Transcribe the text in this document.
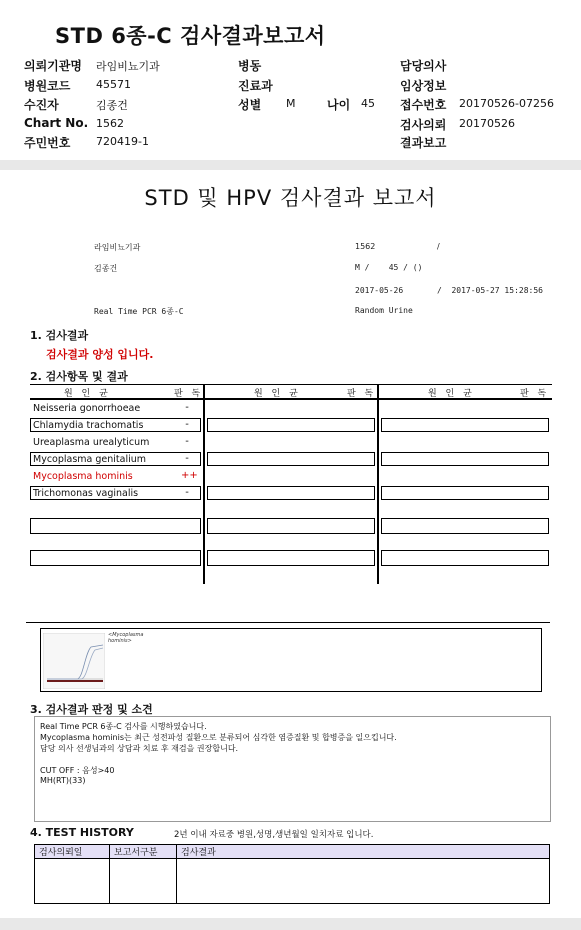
STD 6종-C 검사결과보고서
의뢰기관명 라임비뇨기과	병동	담당의사
병원코드 45571	진료과	임상정보
수진자	김종건	성별 M	나이 45 접수번호 20170526-07256
Chart No. 1562	검사의뢰 20170526
주민번호 720419-1	결과보고
STD 및 HPV 검사결과 보고서
라임비뇨기과	1562	/
김종건	M /    45 / ()
2017-05-26	/  2017-05-27 15:28:56
Real Time PCR 6종-C	Random Urine
1. 검사결과
검사결과 양성 입니다.
2. 검사항목 및 결과
원 인 균	판 독	원 인 균	판 독	원 인 균	판 독
Neisseria gonorrhoeae	-
Chlamydia trachomatis	-
Ureaplasma urealyticum	-
Mycoplasma genitalium	-
Mycoplasma hominis	++
Trichomonas vaginalis	-
<Mycoplasma hominis>
3. 검사결과 판정 및 소견
Real Time PCR 6종-C 검사를 시행하였습니다.
Mycoplasma hominis는 최근 성전파성 질환으로 분류되어 심각한 염증질환 및 합병증을 일으킵니다.
담당 의사 선생님과의 상담과 치료 후 재검을 권장합니다.
CUT OFF : 음성>40
MH(RT)(33)
4. TEST HISTORY	2년 이내 자료중 병원,성명,생년월일 일치자료 입니다.
검사의뢰일	보고서구분	검사결과
